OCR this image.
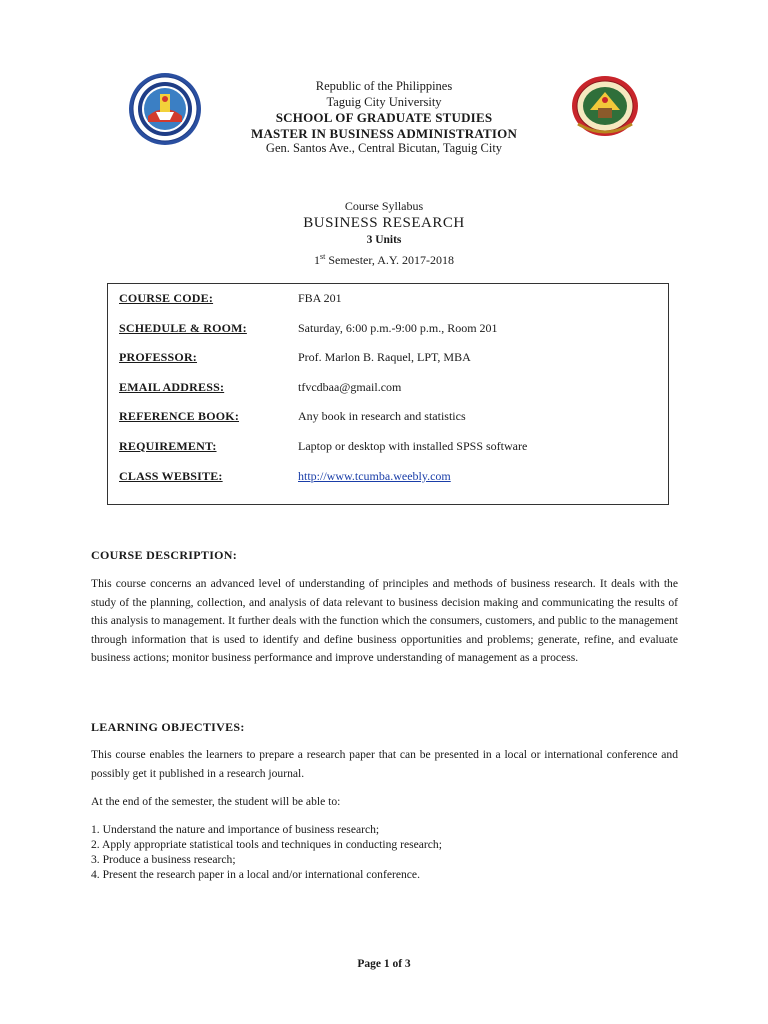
Republic of the Philippines
Taguig City University
SCHOOL OF GRADUATE STUDIES
MASTER IN BUSINESS ADMINISTRATION
Gen. Santos Ave., Central Bicutan, Taguig City
Course Syllabus
BUSINESS RESEARCH
3 Units
1st Semester, A.Y. 2017-2018
COURSE CODE:	FBA 201
SCHEDULE & ROOM:	Saturday, 6:00 p.m.-9:00 p.m., Room 201
PROFESSOR:	Prof. Marlon B. Raquel, LPT, MBA
EMAIL ADDRESS:	tfvcdbaa@gmail.com
REFERENCE BOOK:	Any book in research and statistics
REQUIREMENT:	Laptop or desktop with installed SPSS software
CLASS WEBSITE:	http://www.tcumba.weebly.com
COURSE DESCRIPTION:
This course concerns an advanced level of understanding of principles and methods of business research. It deals with the study of the planning, collection, and analysis of data relevant to business decision making and communicating the results of this analysis to management. It further deals with the function which the consumers, customers, and public to the management through information that is used to identify and define business opportunities and problems; generate, refine, and evaluate business actions; monitor business performance and improve understanding of management as a process.
LEARNING OBJECTIVES:
This course enables the learners to prepare a research paper that can be presented in a local or international conference and possibly get it published in a research journal.
At the end of the semester, the student will be able to:
1. Understand the nature and importance of business research;
2. Apply appropriate statistical tools and techniques in conducting research;
3. Produce a business research;
4. Present the research paper in a local and/or international conference.
Page 1 of 3
